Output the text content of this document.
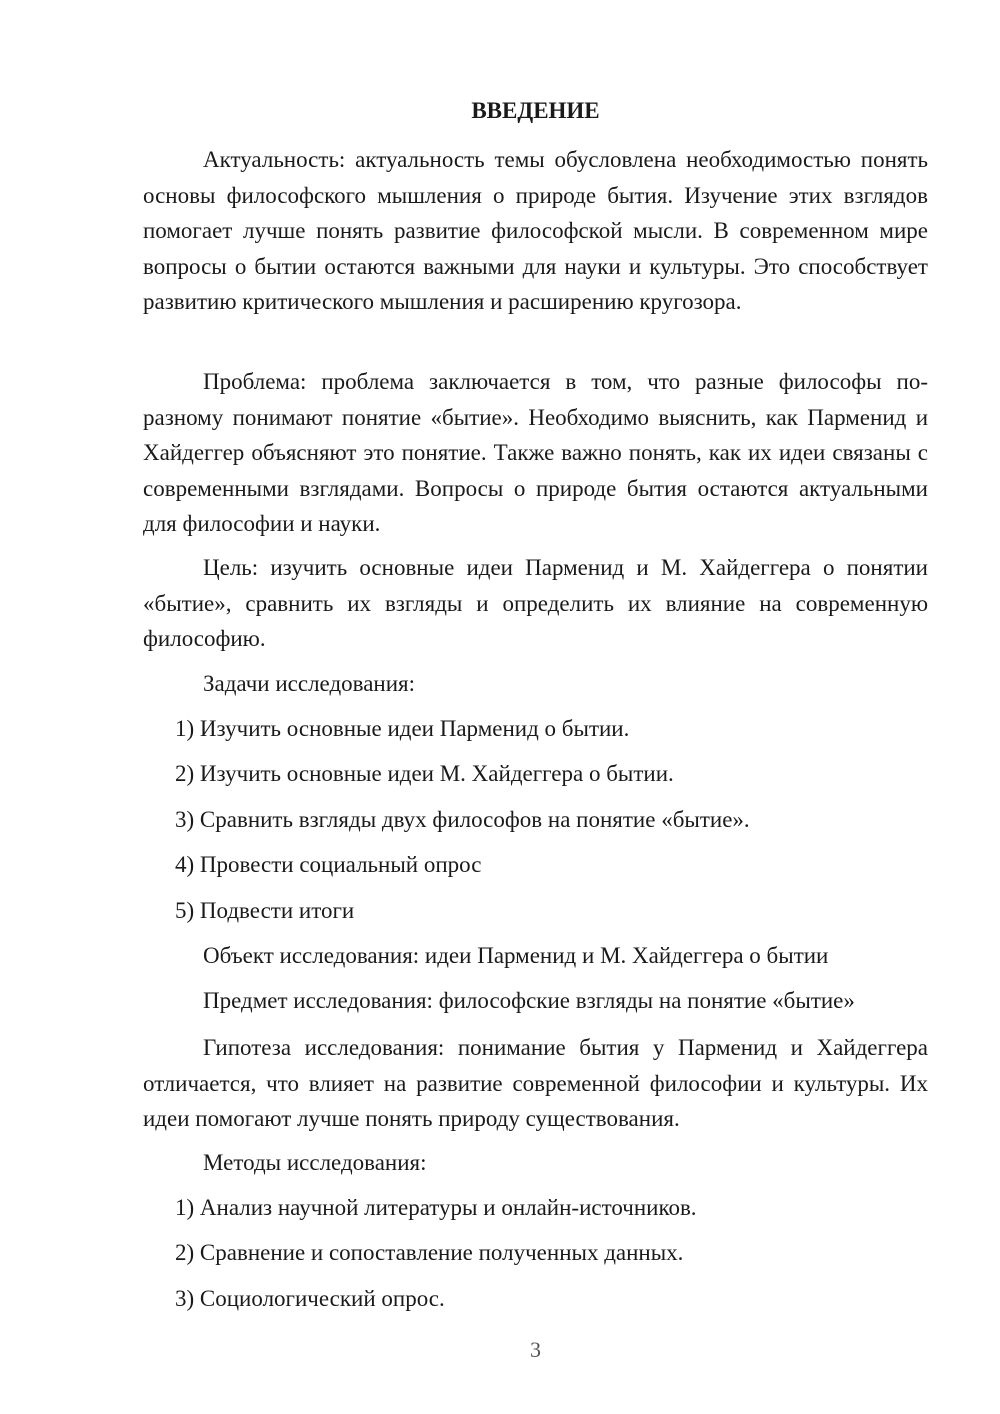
ВВЕДЕНИЕ

Актуальность: актуальность темы обусловлена необходимостью понять основы философского мышления о природе бытия. Изучение этих взглядов помогает лучше понять развитие философской мысли. В современном мире вопросы о бытии остаются важными для науки и культуры. Это способствует развитию критического мышления и расширению кругозора.

Проблема: проблема заключается в том, что разные философы по-разному понимают понятие «бытие». Необходимо выяснить, как Парменид и Хайдеггер объясняют это понятие. Также важно понять, как их идеи связаны с современными взглядами. Вопросы о природе бытия остаются актуальными для философии и науки.

Цель: изучить основные идеи Парменид и М. Хайдеггера о понятии «бытие», сравнить их взгляды и определить их влияние на современную философию.

Задачи исследования:
1) Изучить основные идеи Парменид о бытии.
2) Изучить основные идеи М. Хайдеггера о бытии.
3) Сравнить взгляды двух философов на понятие «бытие».
4) Провести социальный опрос
5) Подвести итоги
Объект исследования: идеи Парменид и М. Хайдеггера о бытии
Предмет исследования: философские взгляды на понятие «бытие»

Гипотеза исследования: понимание бытия у Парменид и Хайдеггера отличается, что влияет на развитие современной философии и культуры. Их идеи помогают лучше понять природу существования.

Методы исследования:
1) Анализ научной литературы и онлайн-источников.
2) Сравнение и сопоставление полученных данных.
3) Социологический опрос.
3
